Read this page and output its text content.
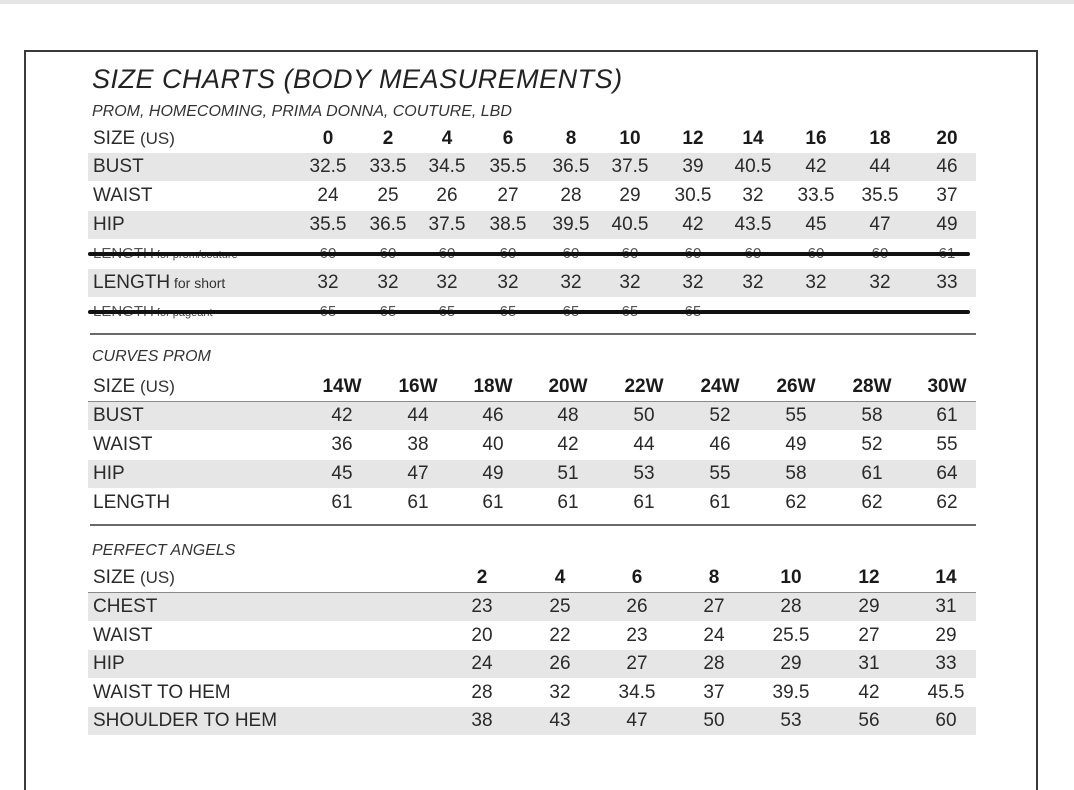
SIZE CHARTS (BODY MEASUREMENTS)
PROM, HOMECOMING, PRIMA DONNA, COUTURE, LBD
SIZE (US)	0	2	4	6	8	10	12	14	16	18	20
BUST	32.5	33.5	34.5	35.5	36.5	37.5	39	40.5	42	44	46
WAIST	24	25	26	27	28	29	30.5	32	33.5	35.5	37
HIP	35.5	36.5	37.5	38.5	39.5	40.5	42	43.5	45	47	49
LENGTH for short	32	32	32	32	32	32	32	32	32	32	33
CURVES PROM
SIZE (US)	14W	16W	18W	20W	22W	24W	26W	28W	30W
BUST	42	44	46	48	50	52	55	58	61
WAIST	36	38	40	42	44	46	49	52	55
HIP	45	47	49	51	53	55	58	61	64
LENGTH	61	61	61	61	61	61	62	62	62
PERFECT ANGELS
SIZE (US)	2	4	6	8	10	12	14
CHEST	23	25	26	27	28	29	31
WAIST	20	22	23	24	25.5	27	29
HIP	24	26	27	28	29	31	33
WAIST TO HEM	28	32	34.5	37	39.5	42	45.5
SHOULDER TO HEM	38	43	47	50	53	56	60
